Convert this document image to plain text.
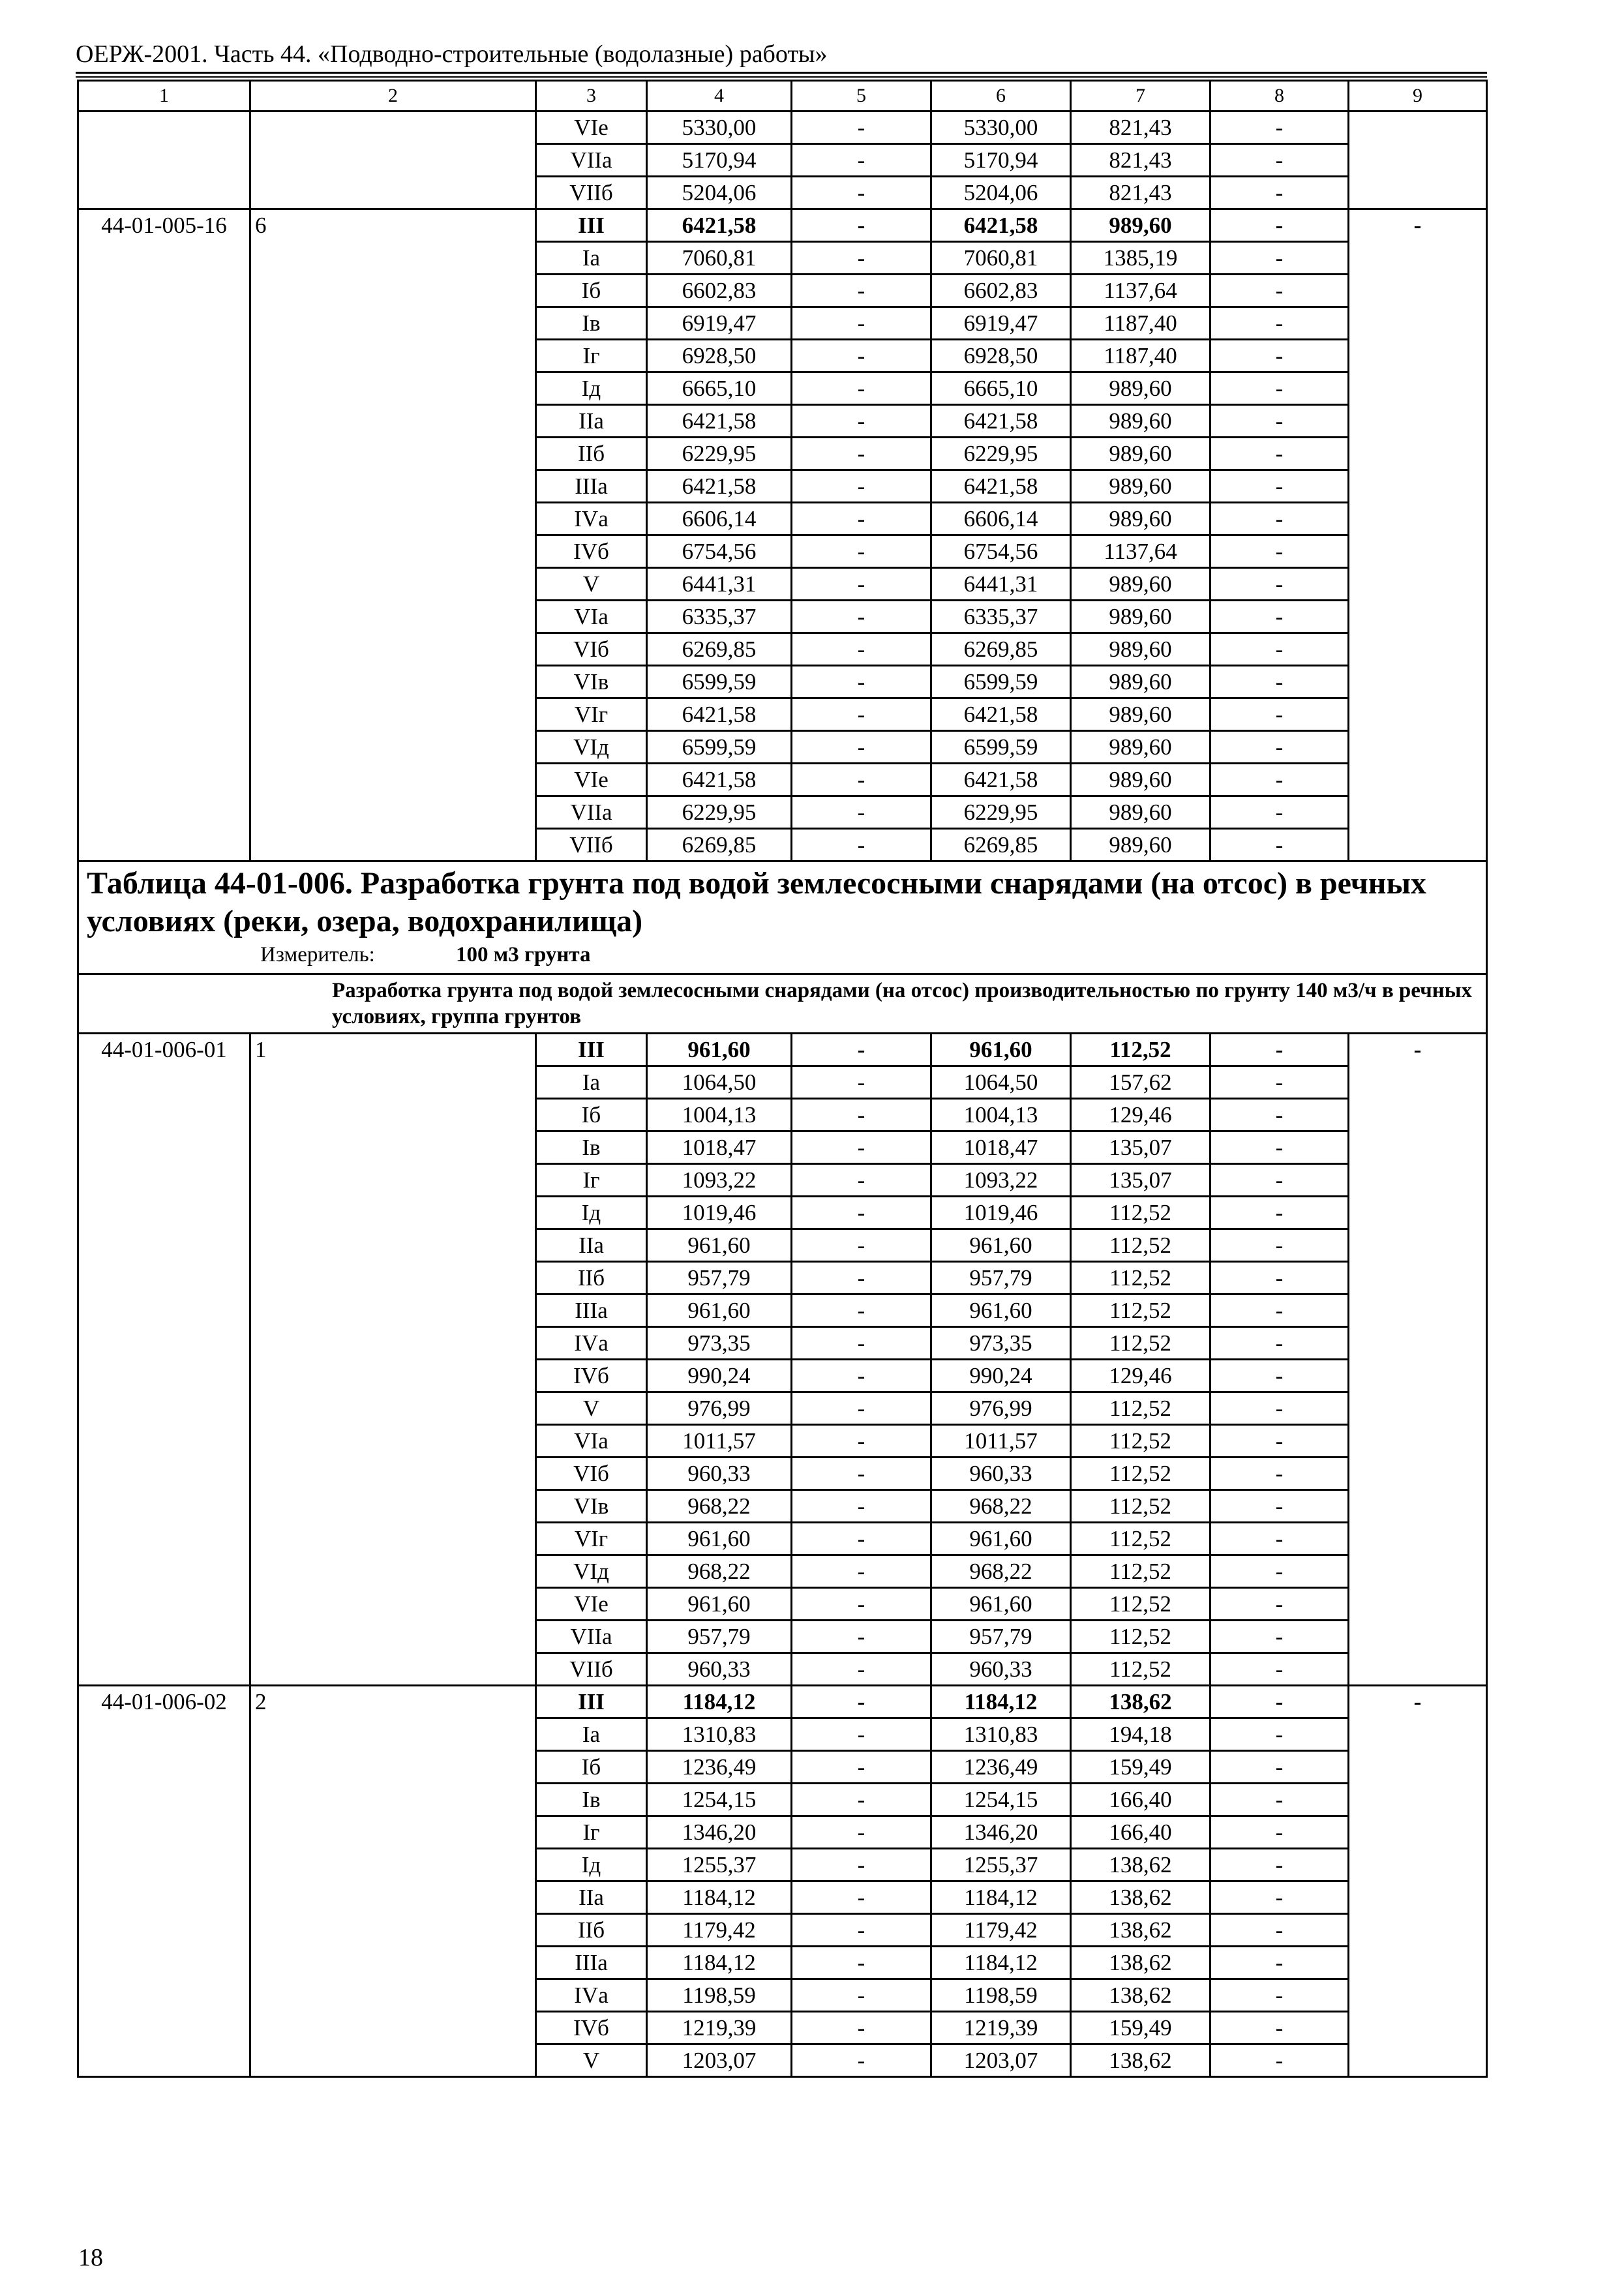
ОЕРЖ-2001. Часть 44. «Подводно-строительные (водолазные) работы»
1	2	3	4	5	6	7	8	9
		VIе	5330,00	-	5330,00	821,43	-	
		VIIа	5170,94	-	5170,94	821,43	-	
		VIIб	5204,06	-	5204,06	821,43	-	
44-01-005-16	6	III	6421,58	-	6421,58	989,60	-	-
		Iа	7060,81	-	7060,81	1385,19	-	
		Iб	6602,83	-	6602,83	1137,64	-	
		Iв	6919,47	-	6919,47	1187,40	-	
		Iг	6928,50	-	6928,50	1187,40	-	
		Iд	6665,10	-	6665,10	989,60	-	
		IIа	6421,58	-	6421,58	989,60	-	
		IIб	6229,95	-	6229,95	989,60	-	
		IIIа	6421,58	-	6421,58	989,60	-	
		IVа	6606,14	-	6606,14	989,60	-	
		IVб	6754,56	-	6754,56	1137,64	-	
		V	6441,31	-	6441,31	989,60	-	
		VIа	6335,37	-	6335,37	989,60	-	
		VIб	6269,85	-	6269,85	989,60	-	
		VIв	6599,59	-	6599,59	989,60	-	
		VIг	6421,58	-	6421,58	989,60	-	
		VIд	6599,59	-	6599,59	989,60	-	
		VIе	6421,58	-	6421,58	989,60	-	
		VIIа	6229,95	-	6229,95	989,60	-	
		VIIб	6269,85	-	6269,85	989,60	-	

Таблица 44-01-006. Разработка грунта под водой землесосными снарядами (на отсос) в речных условиях (реки, озера, водохранилища)
Измеритель: 100 м3 грунта								

Разработка грунта под водой землесосными снарядами (на отсос) производительностью по грунту 140 м3/ч в речных условиях, группа грунтов								
44-01-006-01	1	III	961,60	-	961,60	112,52	-	-
		Iа	1064,50	-	1064,50	157,62	-	
		Iб	1004,13	-	1004,13	129,46	-	
		Iв	1018,47	-	1018,47	135,07	-	
		Iг	1093,22	-	1093,22	135,07	-	
		Iд	1019,46	-	1019,46	112,52	-	
		IIа	961,60	-	961,60	112,52	-	
		IIб	957,79	-	957,79	112,52	-	
		IIIа	961,60	-	961,60	112,52	-	
		IVа	973,35	-	973,35	112,52	-	
		IVб	990,24	-	990,24	129,46	-	
		V	976,99	-	976,99	112,52	-	
		VIа	1011,57	-	1011,57	112,52	-	
		VIб	960,33	-	960,33	112,52	-	
		VIв	968,22	-	968,22	112,52	-	
		VIг	961,60	-	961,60	112,52	-	
		VIд	968,22	-	968,22	112,52	-	
		VIе	961,60	-	961,60	112,52	-	
		VIIа	957,79	-	957,79	112,52	-	
		VIIб	960,33	-	960,33	112,52	-	
44-01-006-02	2	III	1184,12	-	1184,12	138,62	-	-
		Iа	1310,83	-	1310,83	194,18	-	
		Iб	1236,49	-	1236,49	159,49	-	
		Iв	1254,15	-	1254,15	166,40	-	
		Iг	1346,20	-	1346,20	166,40	-	
		Iд	1255,37	-	1255,37	138,62	-	
		IIа	1184,12	-	1184,12	138,62	-	
		IIб	1179,42	-	1179,42	138,62	-	
		IIIа	1184,12	-	1184,12	138,62	-	
		IVа	1198,59	-	1198,59	138,62	-	
		IVб	1219,39	-	1219,39	159,49	-	
		V	1203,07	-	1203,07	138,62	-	
18
